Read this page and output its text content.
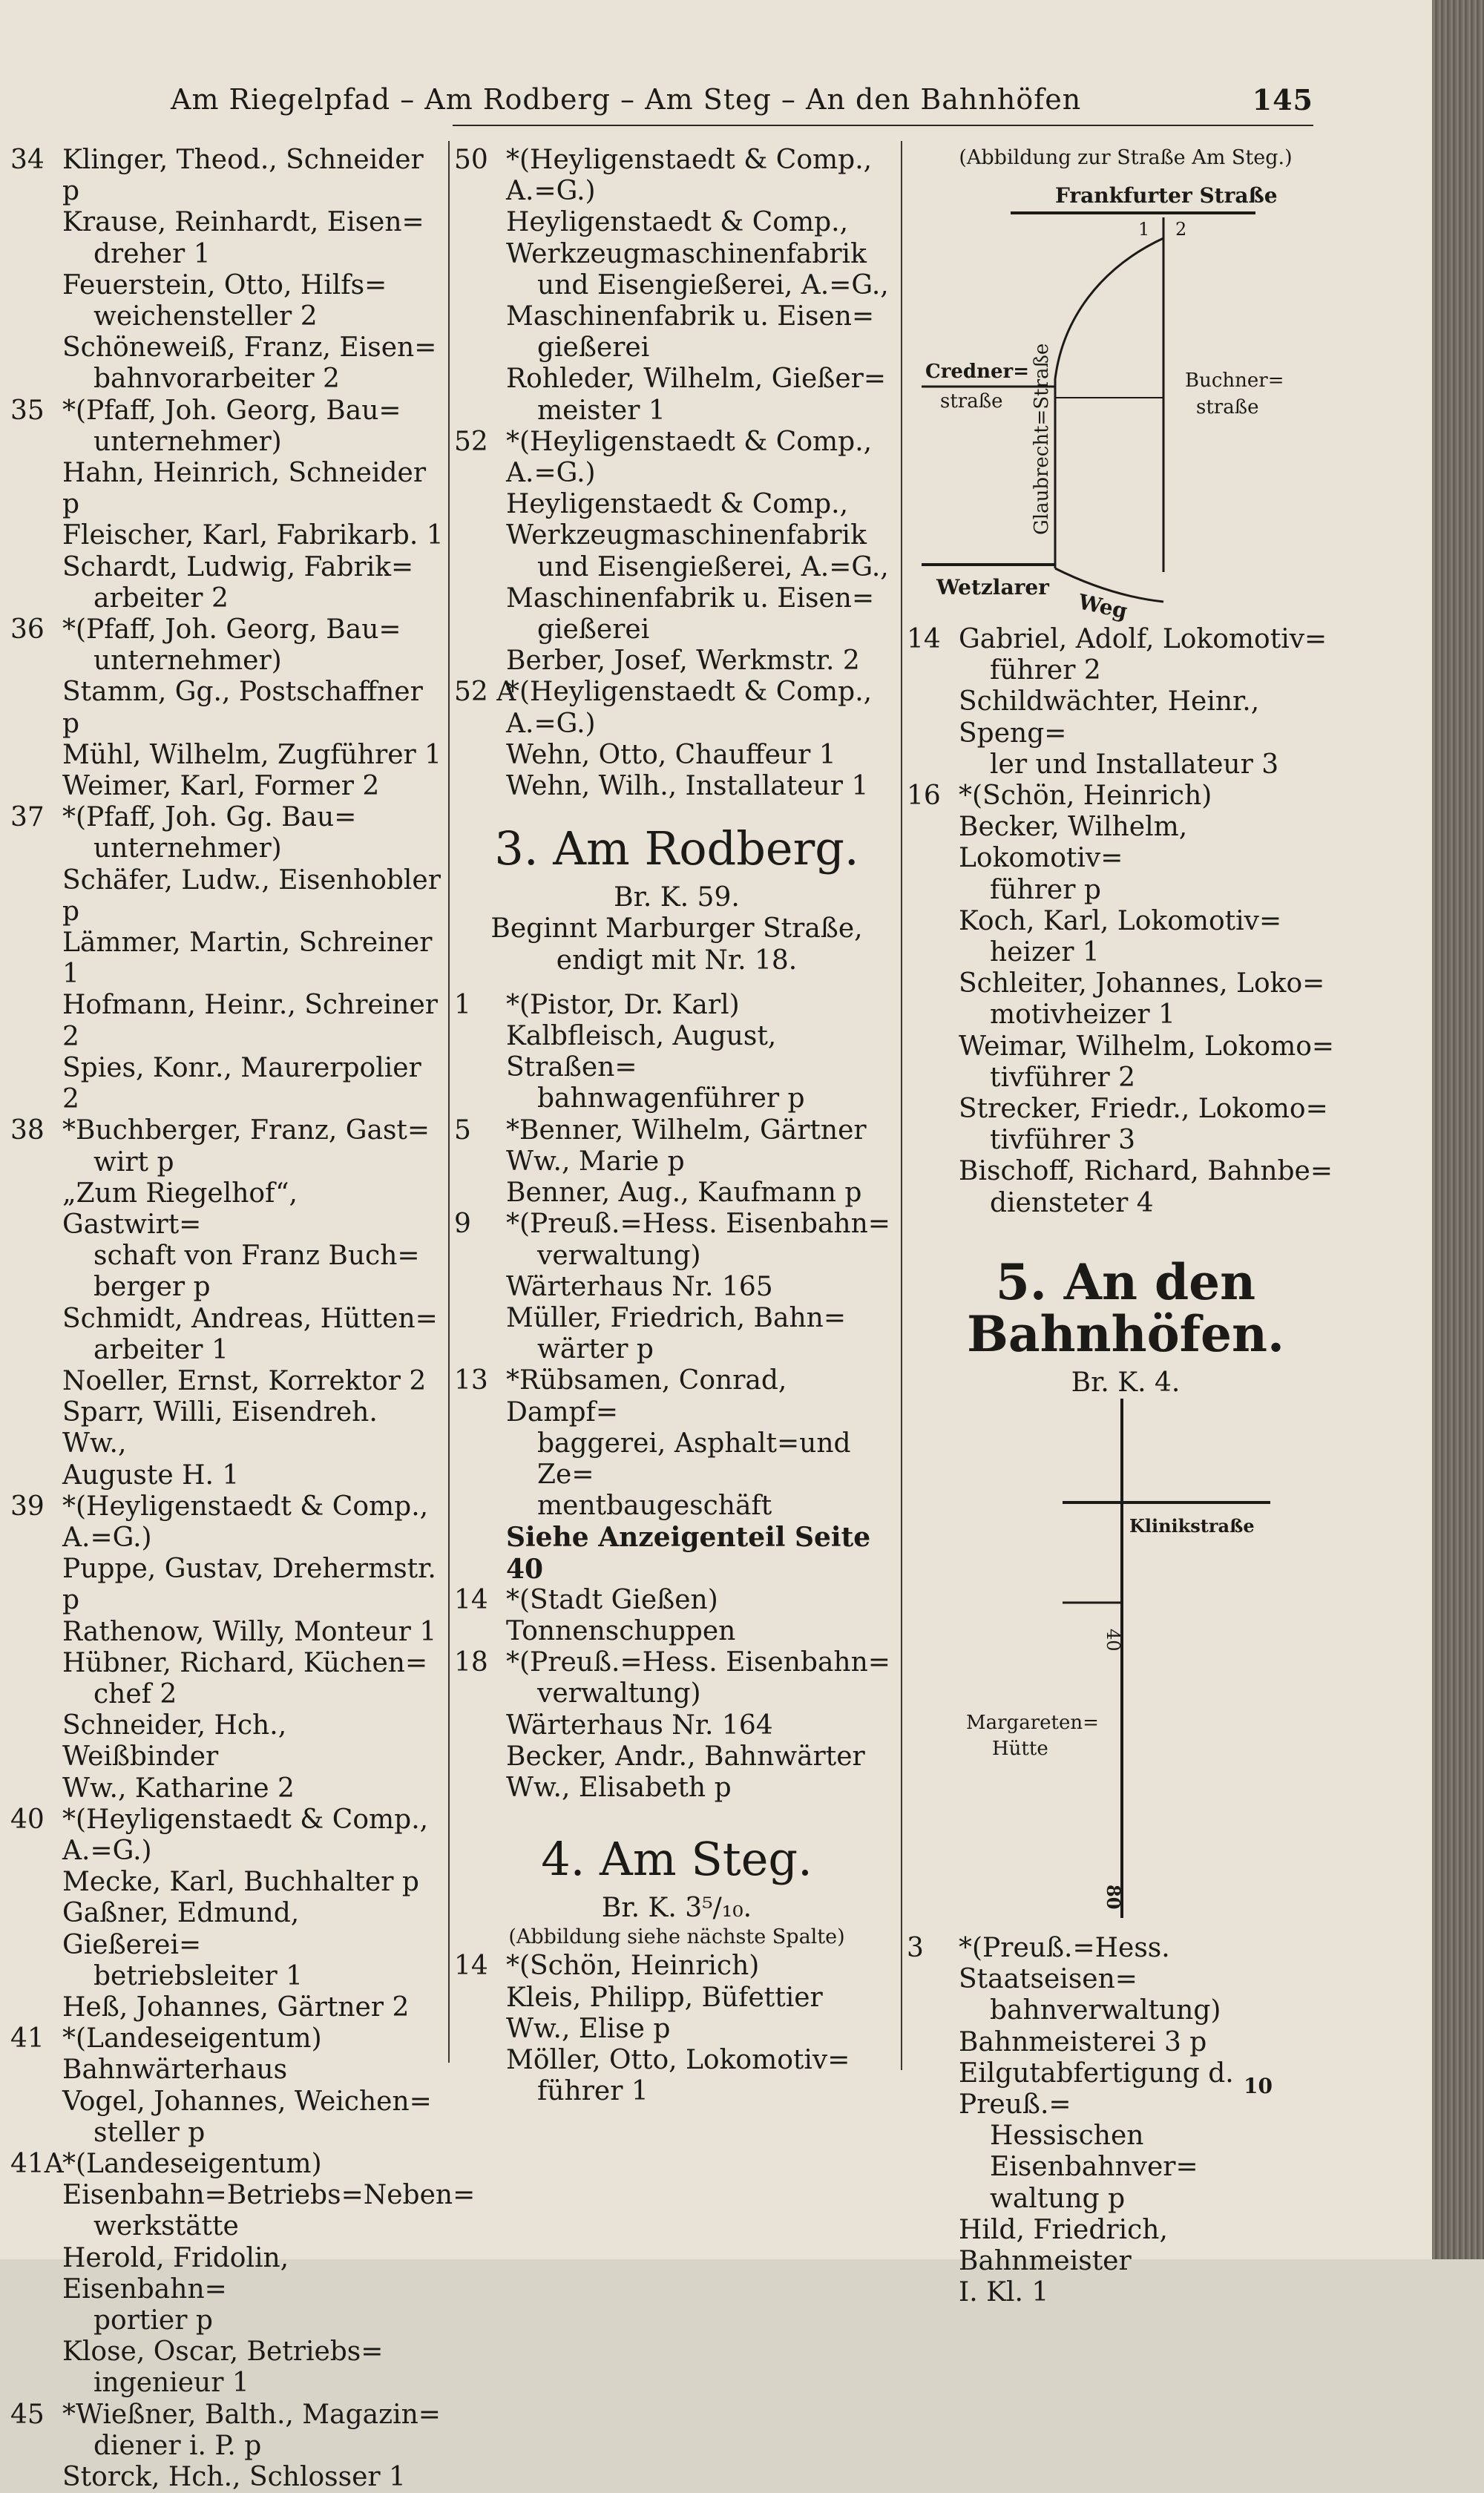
Am Riegelpfad – Am Rodberg – Am Steg – An den Bahnhöfen	145
34 Klinger, Theod., Schneider p
Krause, Reinhardt, Eisen=
dreher 1
Feuerstein, Otto, Hilfs=
weichensteller 2
Schöneweiß, Franz, Eisen=
bahnvorarbeiter 2
35 *(Pfaff, Joh. Georg, Bau=
unternehmer)
Hahn, Heinrich, Schneider p
Fleischer, Karl, Fabrikarb. 1
Schardt, Ludwig, Fabrik=
arbeiter 2
36 *(Pfaff, Joh. Georg, Bau=
unternehmer)
Stamm, Gg., Postschaffner p
Mühl, Wilhelm, Zugführer 1
Weimer, Karl, Former 2
37 *(Pfaff, Joh. Gg. Bau=
unternehmer)
Schäfer, Ludw., Eisenhobler p
Lämmer, Martin, Schreiner 1
Hofmann, Heinr., Schreiner 2
Spies, Konr., Maurerpolier 2
38 *Buchberger, Franz, Gast=
wirt p
„Zum Riegelhof“, Gastwirt=
schaft von Franz Buch=
berger p
Schmidt, Andreas, Hütten=
arbeiter 1
Noeller, Ernst, Korrektor 2
Sparr, Willi, Eisendreh. Ww.,
Auguste H. 1
39 *(Heyligenstaedt & Comp.,
A.=G.)
Puppe, Gustav, Drehermstr. p
Rathenow, Willy, Monteur 1
Hübner, Richard, Küchen=
chef 2
Schneider, Hch., Weißbinder
Ww., Katharine 2
40 *(Heyligenstaedt & Comp.,
A.=G.)
Mecke, Karl, Buchhalter p
Gaßner, Edmund, Gießerei=
betriebsleiter 1
Heß, Johannes, Gärtner 2
41 *(Landeseigentum)
Bahnwärterhaus
Vogel, Johannes, Weichen=
steller p
41A
*(Landeseigentum)
Eisenbahn=Betriebs=Neben=
werkstätte
Herold, Fridolin, Eisenbahn=
portier p
Klose, Oscar, Betriebs=
ingenieur 1
45 *Wießner, Balth., Magazin=
diener i. P. p
Storck, Hch., Schlosser 1
50 *(Heyligenstaedt & Comp.,
A.=G.)
Heyligenstaedt & Comp.,
Werkzeugmaschinenfabrik
und Eisengießerei, A.=G.,
Maschinenfabrik u. Eisen=
gießerei
Rohleder, Wilhelm, Gießer=
meister 1
52 *(Heyligenstaedt & Comp.,
A.=G.)
Heyligenstaedt & Comp.,
Werkzeugmaschinenfabrik
und Eisengießerei, A.=G.,
Maschinenfabrik u. Eisen=
gießerei
Berber, Josef, Werkmstr. 2
52 A
*(Heyligenstaedt & Comp.,
A.=G.)
Wehn, Otto, Chauffeur 1
Wehn, Wilh., Installateur 1
3. Am Rodberg.
Br. K. 59.
Beginnt Marburger Straße,
endigt mit Nr. 18.
1 *(Pistor, Dr. Karl)
Kalbfleisch, August, Straßen=
bahnwagenführer p
5 *Benner, Wilhelm, Gärtner
Ww., Marie p
Benner, Aug., Kaufmann p
9 *(Preuß.=Hess. Eisenbahn=
verwaltung)
Wärterhaus Nr. 165
Müller, Friedrich, Bahn=
wärter p
13 *Rübsamen, Conrad, Dampf=
baggerei, Asphalt=und Ze=
mentbaugeschäft
Siehe Anzeigenteil Seite 40
14 *(Stadt Gießen)
Tonnenschuppen
18 *(Preuß.=Hess. Eisenbahn=
verwaltung)
Wärterhaus Nr. 164
Becker, Andr., Bahnwärter
Ww., Elisabeth p
4. Am Steg.
Br. K. 3⁵/₁₀.
(Abbildung siehe nächste Spalte)
14 *(Schön, Heinrich)
Kleis, Philipp, Büfettier
Ww., Elise p
Möller, Otto, Lokomotiv=
führer 1
(Abbildung zur Straße Am Steg.)
Frankfurter Straße
1 2
Credner=
straße
Buchner=
straße
Glaubrecht=Straße
Wetzlarer
Weg
14 Gabriel, Adolf, Lokomotiv=
führer 2
Schildwächter, Heinr., Speng=
ler und Installateur 3
16 *(Schön, Heinrich)
Becker, Wilhelm, Lokomotiv=
führer p
Koch, Karl, Lokomotiv=
heizer 1
Schleiter, Johannes, Loko=
motivheizer 1
Weimar, Wilhelm, Lokomo=
tivführer 2
Strecker, Friedr., Lokomo=
tivführer 3
Bischoff, Richard, Bahnbe=
diensteter 4
5. An den Bahnhöfen.
Br. K. 4.
Klinikstraße
40
Margareten=
Hütte
80
3 *(Preuß.=Hess. Staatseisen=
bahnverwaltung)
Bahnmeisterei 3 p
Eilgutabfertigung d. Preuß.=
Hessischen Eisenbahnver=
waltung p
Hild, Friedrich, Bahnmeister
I. Kl. 1
10
